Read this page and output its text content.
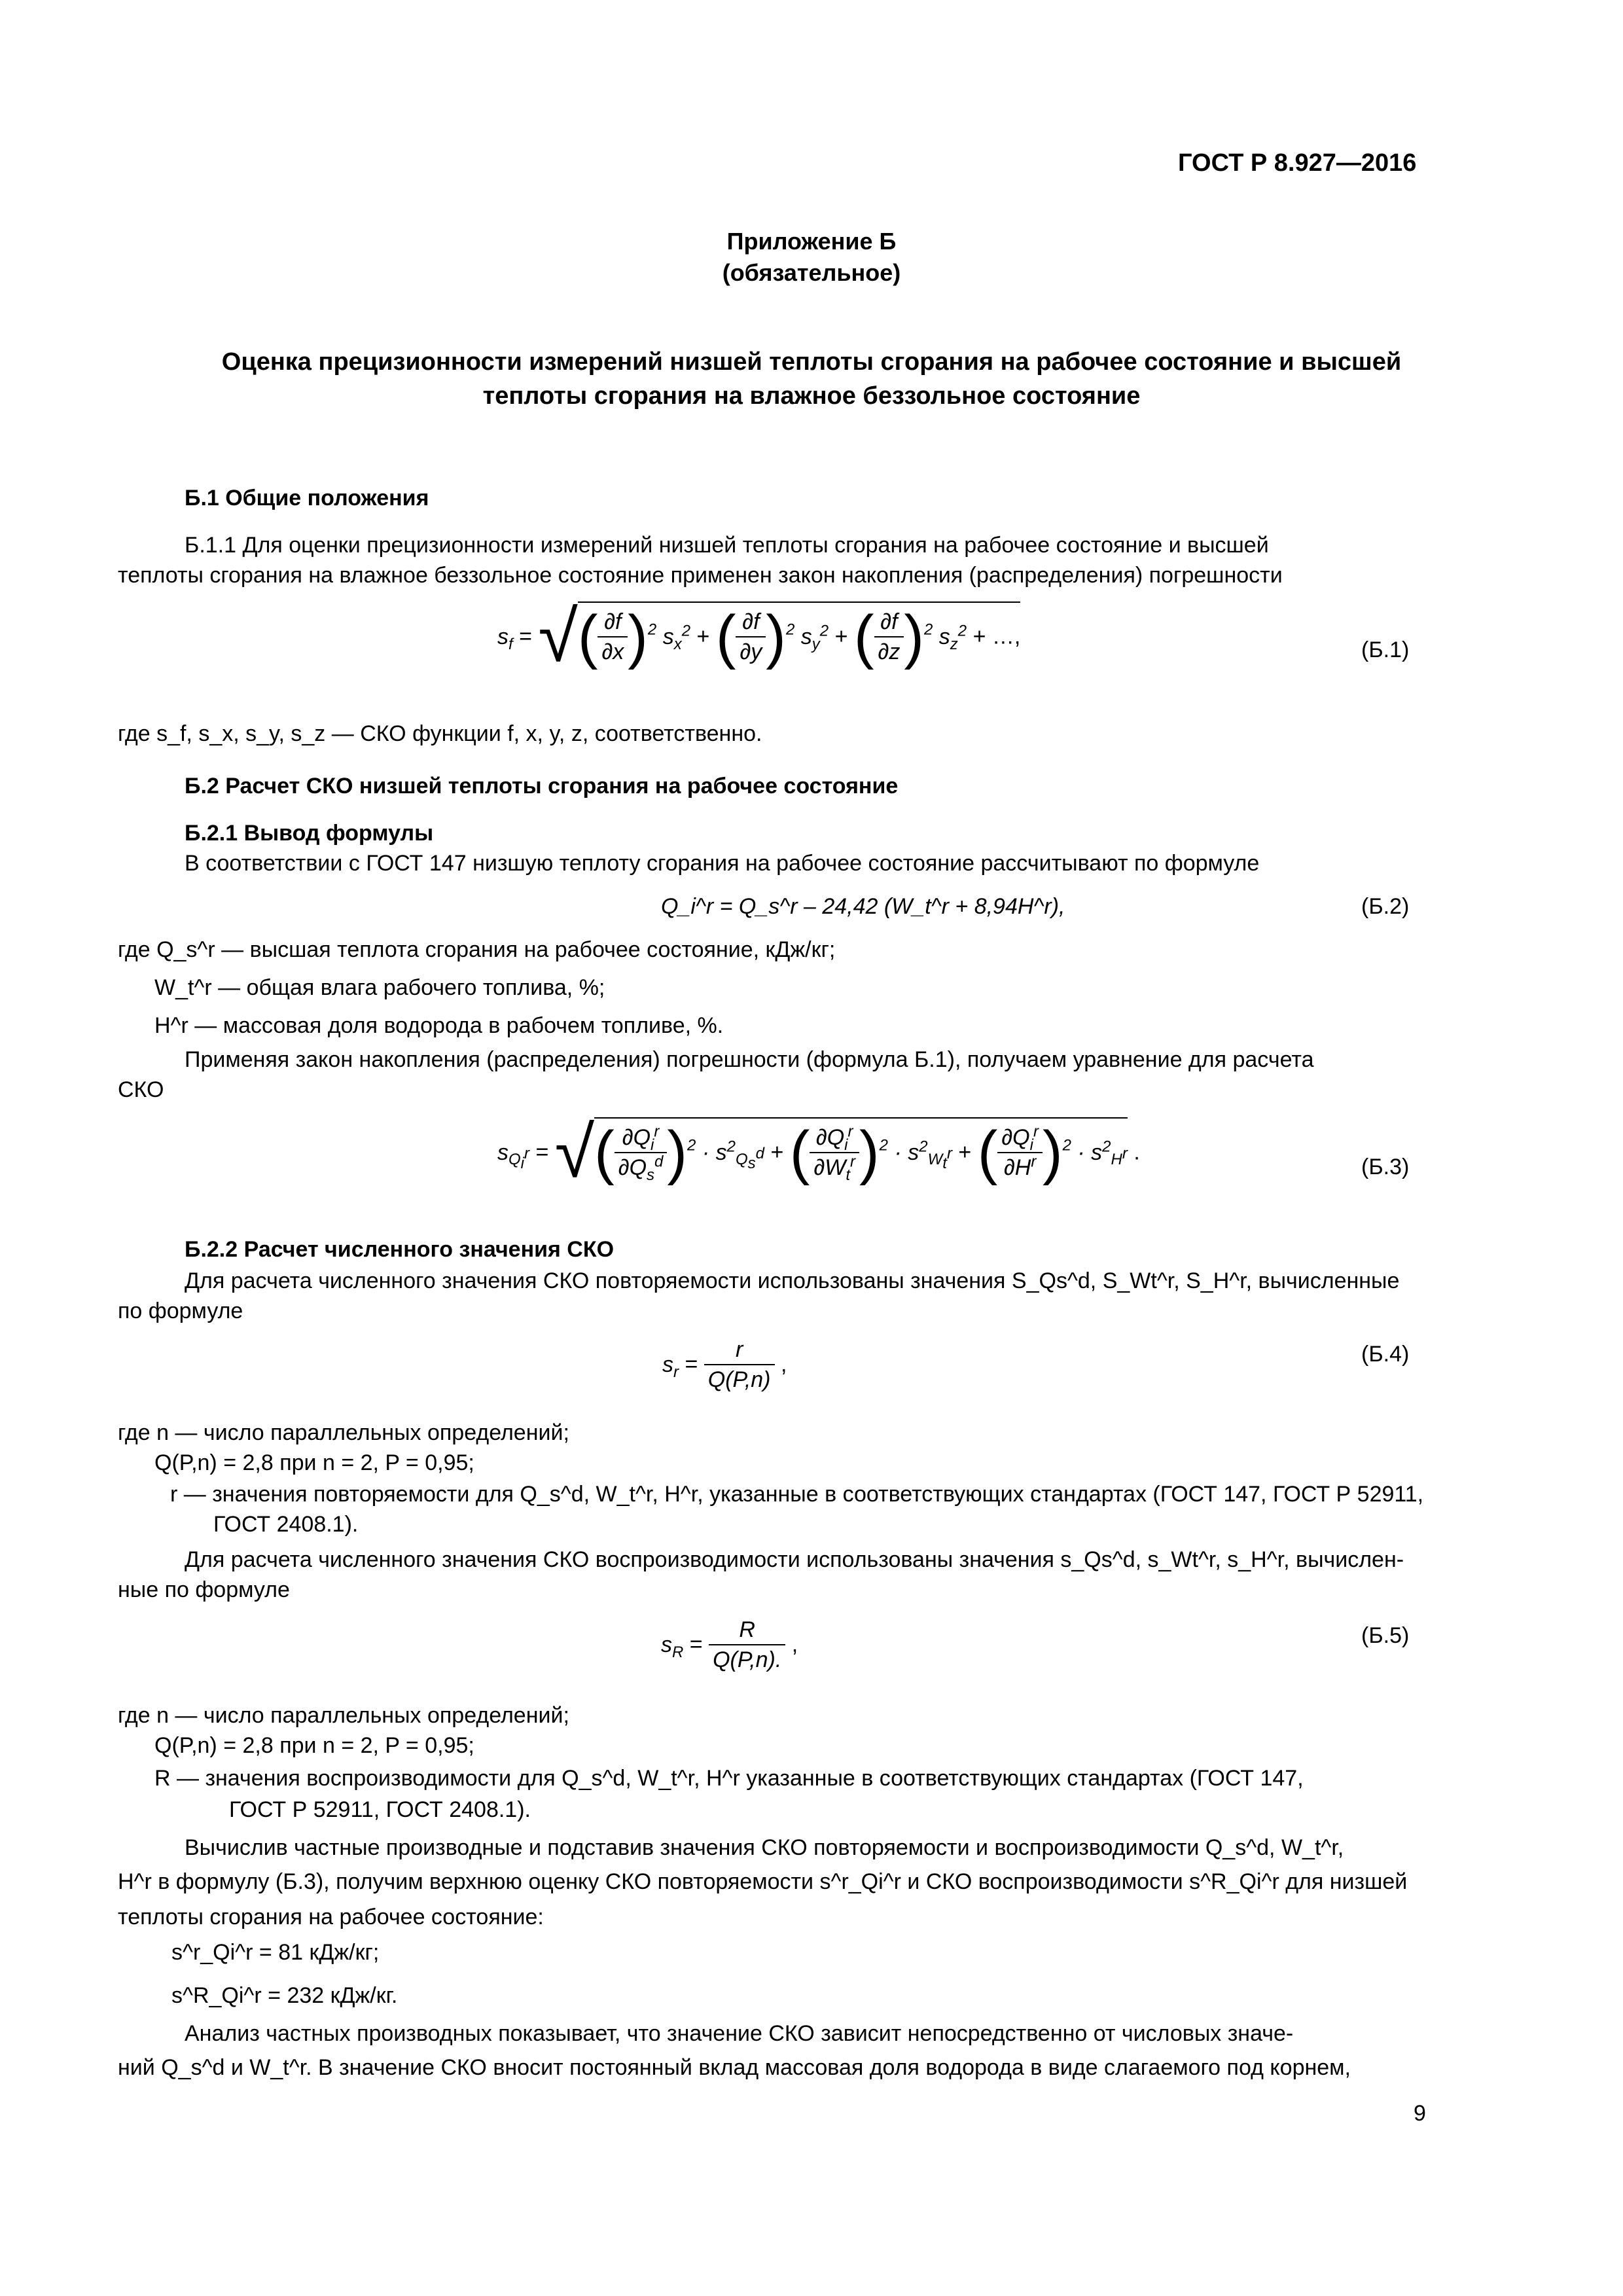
ГОСТ Р 8.927—2016
Приложение Б
(обязательное)
Оценка прецизионности измерений низшей теплоты сгорания на рабочее состояние и высшей
теплоты сгорания на влажное беззольное состояние
Б.1 Общие положения
Б.1.1 Для оценки прецизионности измерений низшей теплоты сгорания на рабочее состояние и высшей
теплоты сгорания на влажное беззольное состояние применен закон накопления (распределения) погрешности
$s_f$ = √( $\frac{\partial f}{\partial x} )^2$ $s_x^2$ + ( $\frac{\partial f}{\partial y} )^2$ $s_y^2$ + ( $\frac{\partial f}{\partial z} )^2$ $s_z^2$ + …,
(Б.1)
где s_f, s_x, s_y, s_z — СКО функции f, x, y, z, соответственно.
Б.2 Расчет СКО низшей теплоты сгорания на рабочее состояние
Б.2.1 Вывод формулы
В соответствии с ГОСТ 147 низшую теплоту сгорания на рабочее состояние рассчитывают по формуле
Q_i^r = Q_s^r – 24,42 (W_t^r + 8,94H^r),	(Б.2)
где Q_s^r — высшая теплота сгорания на рабочее состояние, кДж/кг;
W_t^r — общая влага рабочего топлива, %;
H^r — массовая доля водорода в рабочем топливе, %.
Применяя закон накопления (распределения) погрешности (формула Б.1), получаем уравнение для расчета
СКО
$s_{Q_i^r}$ = √( $\frac{\partial Q_i^r}{\partial Q_s^d} )^2 \cdot s^2_{Q_s^d}$ + ( $\frac{\partial Q_i^r}{\partial W_t^r} )^2 \cdot s^2_{W_t^r}$ + ( $\frac{\partial Q_i^r}{\partial H^r} )^2 \cdot s^2_{H^r}$ .
(Б.3)
Б.2.2 Расчет численного значения СКО
Для расчета численного значения СКО повторяемости использованы значения S_Qs^d, S_Wt^r, S_H^r, вычисленные
по формуле
$s_r = \frac{r}{Q(P,n)}$ ,	(Б.4)
где n — число параллельных определений;
Q(P,n) = 2,8 при n = 2, P = 0,95;
r — значения повторяемости для Q_s^d, W_t^r, H^r, указанные в соответствующих стандартах (ГОСТ 147, ГОСТ Р 52911,
ГОСТ 2408.1).
Для расчета численного значения СКО воспроизводимости использованы значения s_Qs^d, s_Wt^r, s_H^r, вычислен-
ные по формуле
$s_R = \frac{R}{Q(P,n).}$ ,	(Б.5)
где n — число параллельных определений;
Q(P,n) = 2,8 при n = 2, P = 0,95;
R — значения воспроизводимости для Q_s^d, W_t^r, H^r указанные в соответствующих стандартах (ГОСТ 147,
ГОСТ Р 52911, ГОСТ 2408.1).
Вычислив частные производные и подставив значения СКО повторяемости и воспроизводимости Q_s^d, W_t^r,
H^r в формулу (Б.3), получим верхнюю оценку СКО повторяемости s^r_Qi^r и СКО воспроизводимости s^R_Qi^r для низшей
теплоты сгорания на рабочее состояние:
s^r_Qi^r = 81 кДж/кг;
s^R_Qi^r = 232 кДж/кг.
Анализ частных производных показывает, что значение СКО зависит непосредственно от числовых значе-
ний Q_s^d и W_t^r. В значение СКО вносит постоянный вклад массовая доля водорода в виде слагаемого под корнем,
9
